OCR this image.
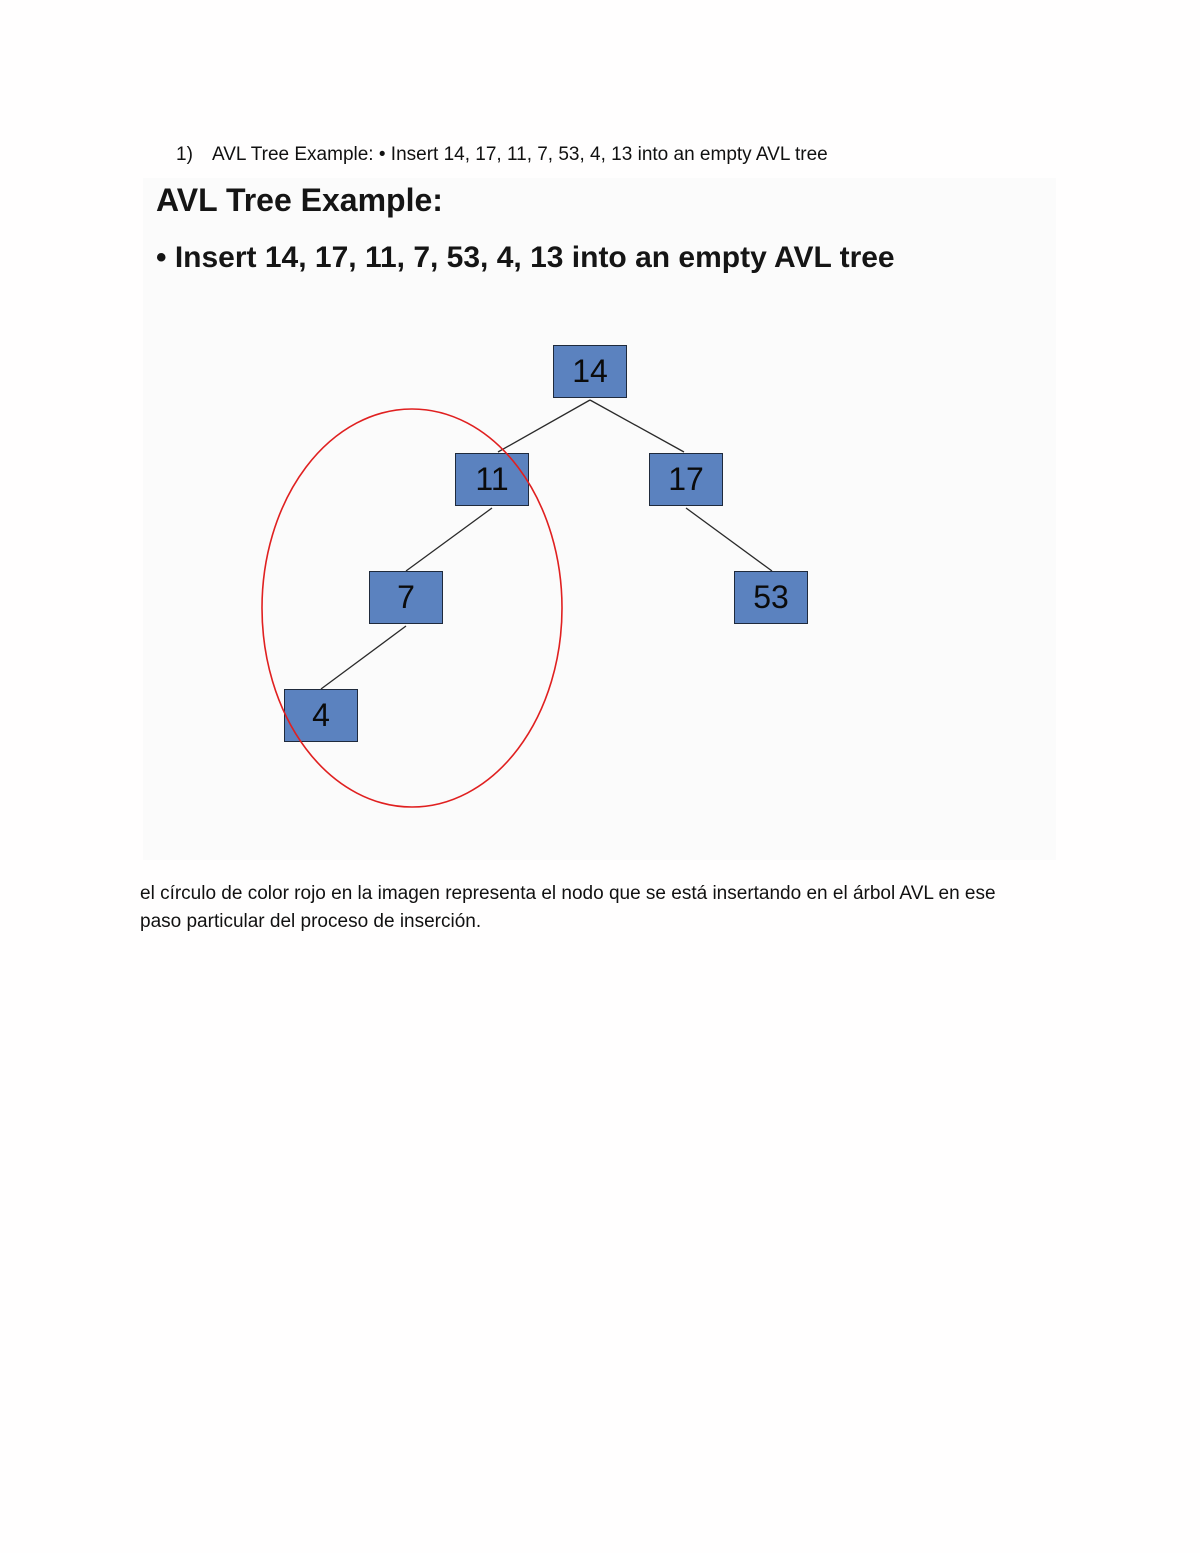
1) AVL Tree Example: • Insert 14, 17, 11, 7, 53, 4, 13 into an empty AVL tree
AVL Tree Example:
• Insert 14, 17, 11, 7, 53, 4, 13 into an empty AVL tree
14
11	17
7	53
4
el círculo de color rojo en la imagen representa el nodo que se está insertando en el árbol AVL en ese
paso particular del proceso de inserción.
